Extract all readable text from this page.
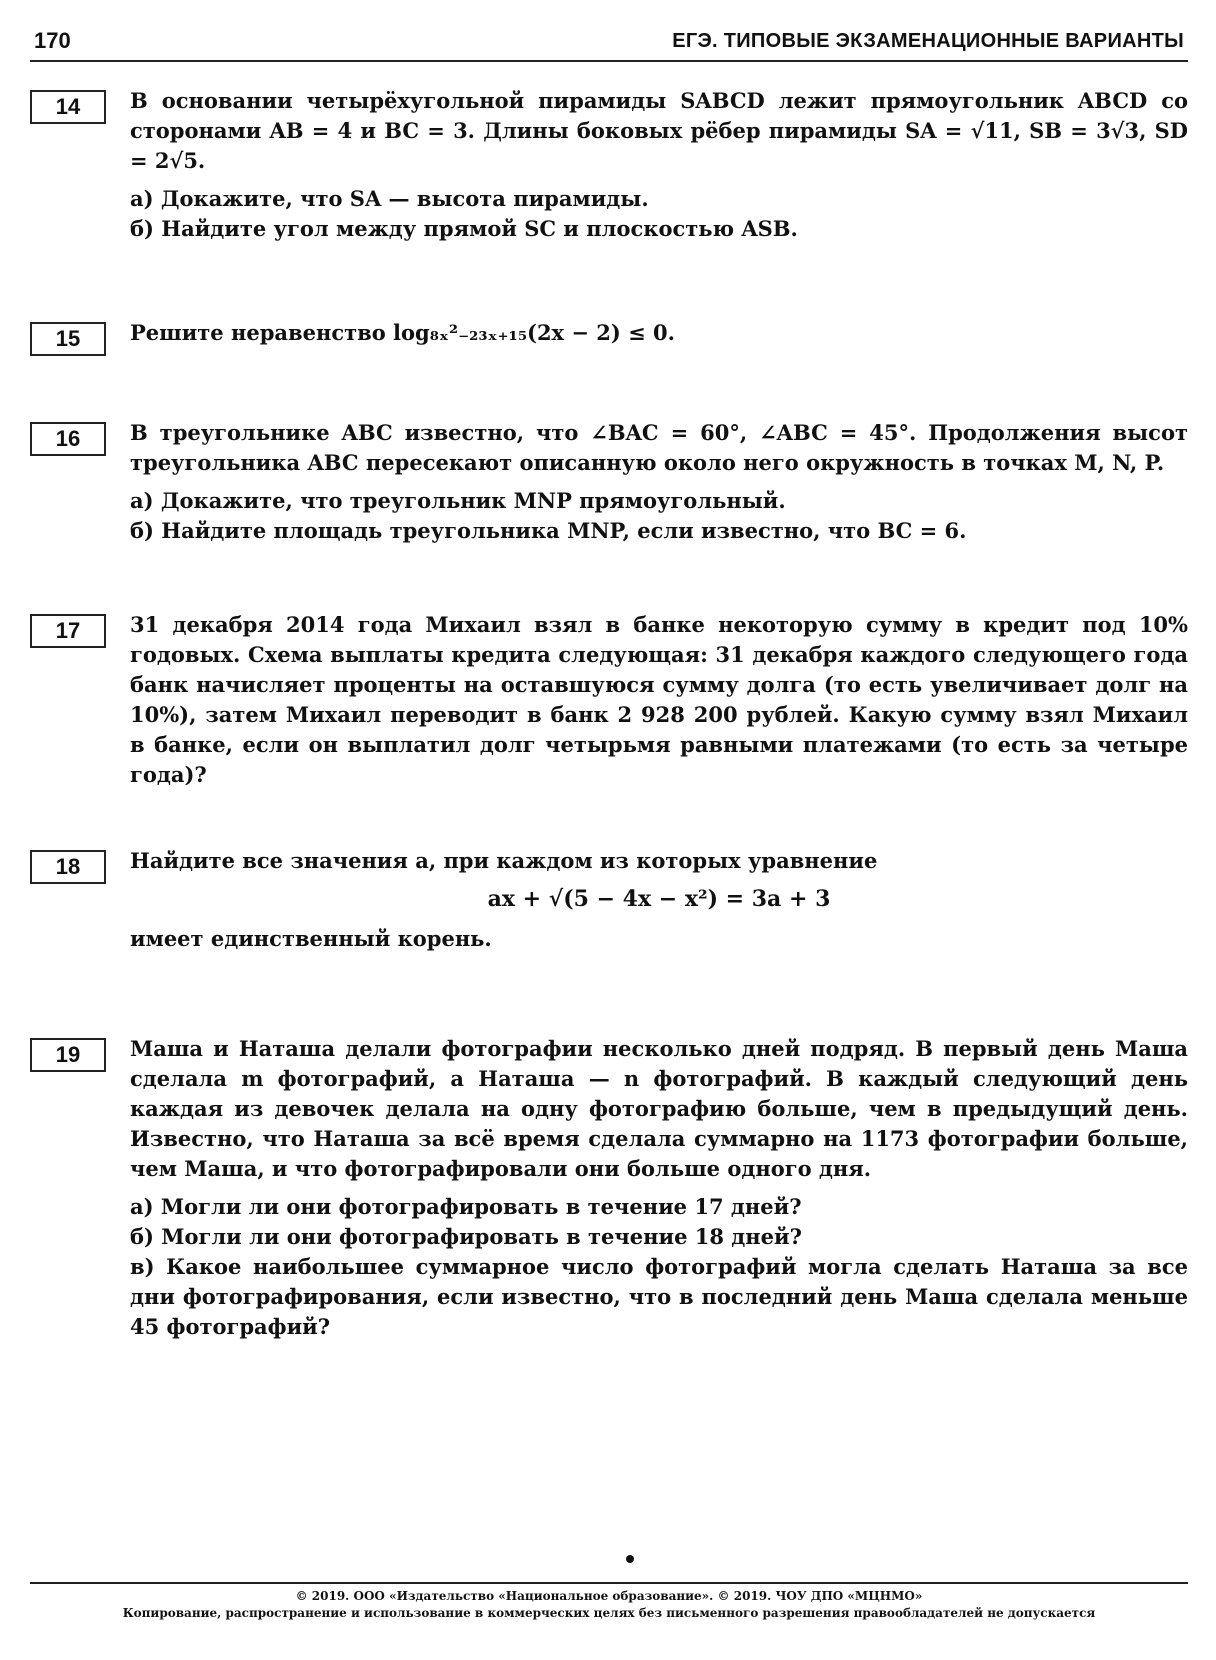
170	ЕГЭ. ТИПОВЫЕ ЭКЗАМЕНАЦИОННЫЕ ВАРИАНТЫ
14	В основании четырёхугольной пирамиды SABCD лежит прямоугольник ABCD со сторонами AB = 4 и BC = 3. Длины боковых рёбер пирамиды SA = √11, SB = 3√3, SD = 2√5.

а) Докажите, что SA — высота пирамиды.

б) Найдите угол между прямой SC и плоскостью ASB.

15	Решите неравенство log₈ₓ²₋₂₃ₓ₊₁₅(2x − 2) ≤ 0.

16	В треугольнике ABC известно, что ∠BAC = 60°, ∠ABC = 45°. Продолжения высот треугольника ABC пересекают описанную около него окружность в точках M, N, P.

а) Докажите, что треугольник MNP прямоугольный.

б) Найдите площадь треугольника MNP, если известно, что BC = 6.

17	31 декабря 2014 года Михаил взял в банке некоторую сумму в кредит под 10% годовых. Схема выплаты кредита следующая: 31 декабря каждого следующего года банк начисляет проценты на оставшуюся сумму долга (то есть увеличивает долг на 10%), затем Михаил переводит в банк 2 928 200 рублей. Какую сумму взял Михаил в банке, если он выплатил долг четырьмя равными платежами (то есть за четыре года)?

18	Найдите все значения a, при каждом из которых уравнение

ax + √(5 − 4x − x²) = 3a + 3

имеет единственный корень.

19	Маша и Наташа делали фотографии несколько дней подряд. В первый день Маша сделала m фотографий, а Наташа — n фотографий. В каждый следующий день каждая из девочек делала на одну фотографию больше, чем в предыдущий день. Известно, что Наташа за всё время сделала суммарно на 1173 фотографии больше, чем Маша, и что фотографировали они больше одного дня.

а) Могли ли они фотографировать в течение 17 дней?

б) Могли ли они фотографировать в течение 18 дней?

в) Какое наибольшее суммарное число фотографий могла сделать Наташа за все дни фотографирования, если известно, что в последний день Маша сделала меньше 45 фотографий?

© 2019. ООО «Издательство «Национальное образование». © 2019. ЧОУ ДПО «МЦНМО»
Копирование, распространение и использование в коммерческих целях без письменного разрешения правообладателей не допускается
